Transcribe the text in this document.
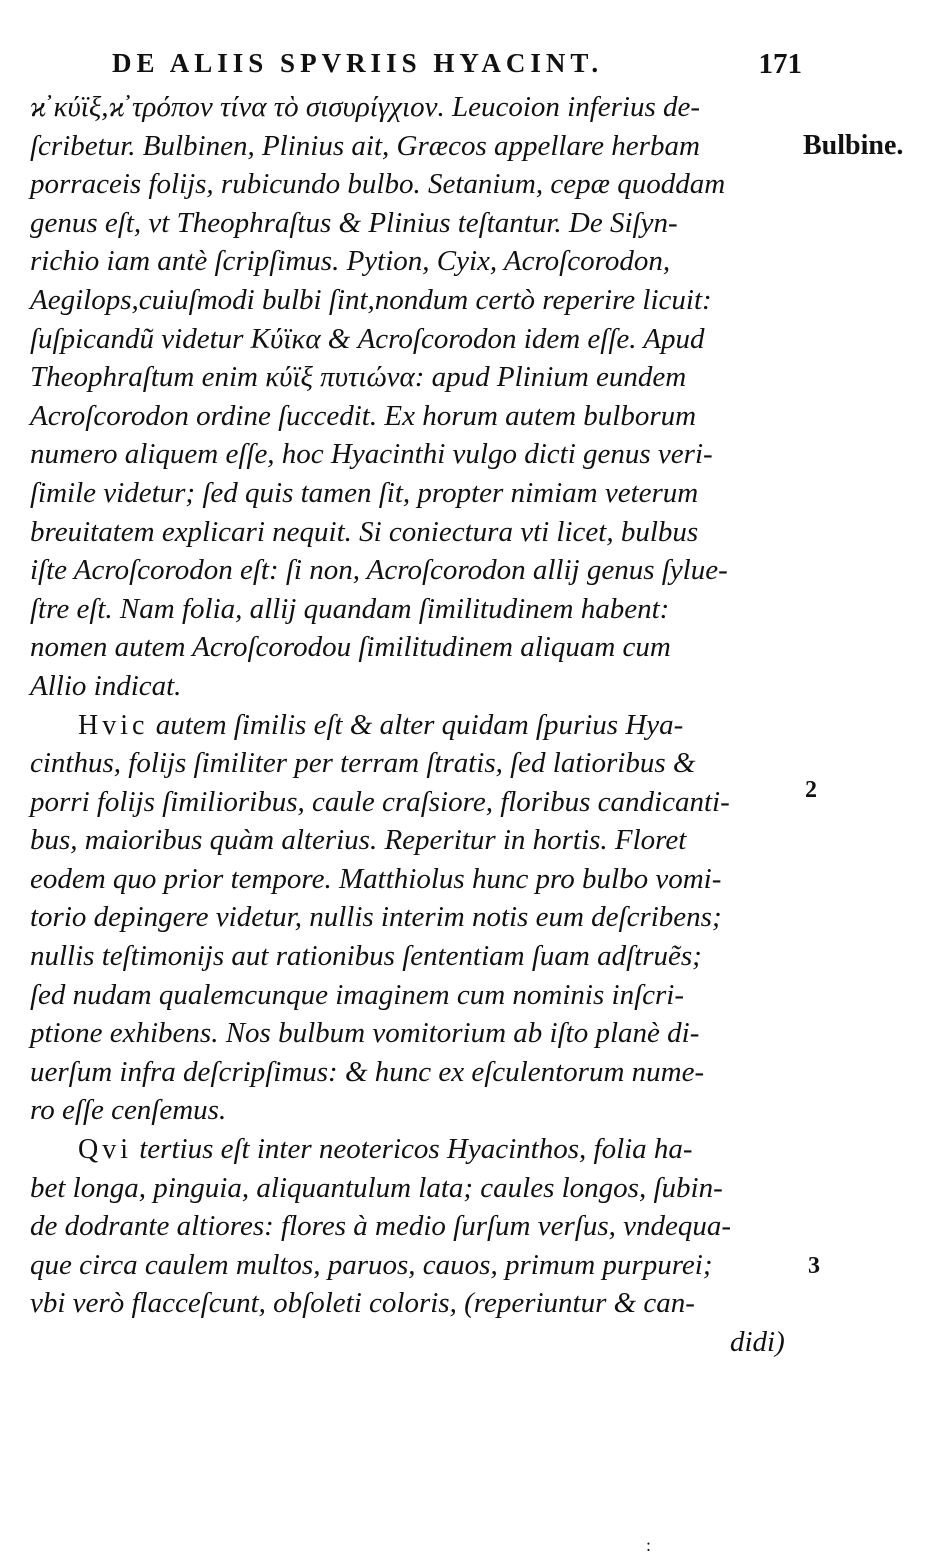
DE ALIIS SPVRIIS HYACINT.	171
Bulbine.
2
3
ϰ̓ κύϊξ,ϰ̓ τρόπον τίνα τὸ σισυρίγχιον. Leucoion inferius de-
ſcribetur. Bulbinen, Plinius ait, Græcos appellare herbam
porraceis folijs, rubicundo bulbo. Setanium, cepæ quoddam
genus eſt, vt Theophraſtus & Plinius teſtantur. De Siſyn-
richio iam antè ſcripſimus. Pytion, Cyix, Acroſcorodon,
Aegilops,cuiuſmodi bulbi ſint,nondum certò reperire licuit:
ſuſpicandũ videtur Κύϊκα & Acroſcorodon idem eſſe. Apud
Theophraſtum enim κύϊξ πυτιώνα: apud Plinium eundem
Acroſcorodon ordine ſuccedit. Ex horum autem bulborum
numero aliquem eſſe, hoc Hyacinthi vulgo dicti genus veri-
ſimile videtur; ſed quis tamen ſit, propter nimiam veterum
breuitatem explicari nequit. Si coniectura vti licet, bulbus
iſte Acroſcorodon eſt: ſi non, Acroſcorodon allij genus ſylue-
ſtre eſt. Nam folia, allij quandam ſimilitudinem habent:
nomen autem Acroſcorodou ſimilitudinem aliquam cum
Allio indicat.
Hvic autem ſimilis eſt & alter quidam ſpurius Hya-
cinthus, folijs ſimiliter per terram ſtratis, ſed latioribus &
porri folijs ſimilioribus, caule craſsiore, floribus candicanti-
bus, maioribus quàm alterius. Reperitur in hortis. Floret
eodem quo prior tempore. Matthiolus hunc pro bulbo vomi-
torio depingere videtur, nullis interim notis eum deſcribens;
nullis teſtimonijs aut rationibus ſententiam ſuam adſtruẽs;
ſed nudam qualemcunque imaginem cum nominis inſcri-
ptione exhibens. Nos bulbum vomitorium ab iſto planè di-
uerſum infra deſcripſimus: & hunc ex eſculentorum nume-
ro eſſe cenſemus.
Qvi tertius eſt inter neotericos Hyacinthos, folia ha-
bet longa, pinguia, aliquantulum lata; caules longos, ſubin-
de dodrante altiores: flores à medio ſurſum verſus, vndequa-
que circa caulem multos, paruos, cauos, primum purpurei;
vbi verò flacceſcunt, obſoleti coloris, (reperiuntur & can-
didi)
:
